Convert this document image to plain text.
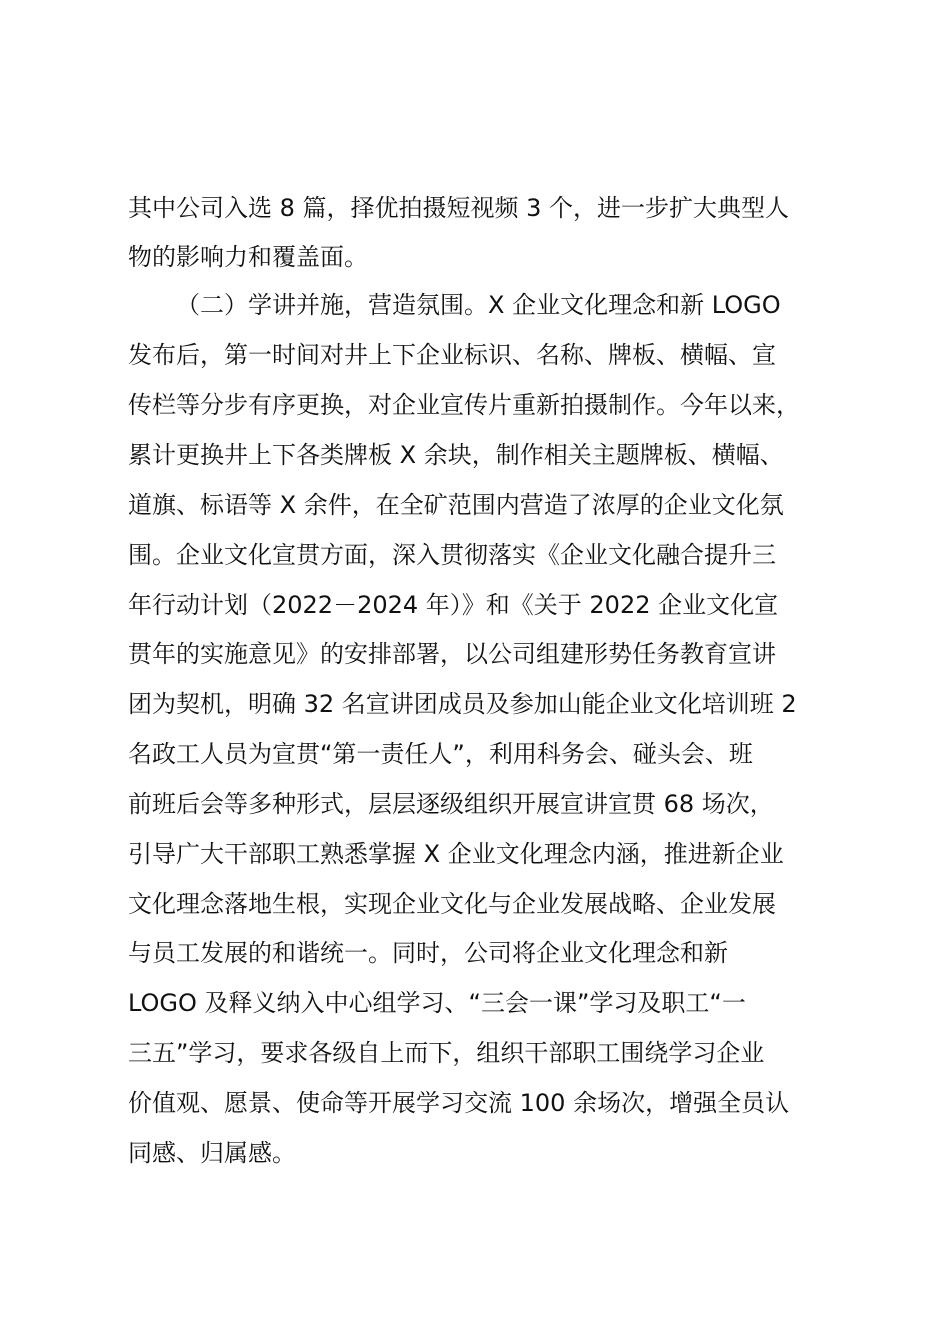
其中公司入选 8 篇，择优拍摄短视频 3 个，进一步扩大典型人

物的影响力和覆盖面。

（二）学讲并施，营造氛围。X 企业文化理念和新 LOGO

发布后，第一时间对井上下企业标识、名称、牌板、横幅、宣

传栏等分步有序更换，对企业宣传片重新拍摄制作。今年以来，

累计更换井上下各类牌板 X 余块，制作相关主题牌板、横幅、

道旗、标语等 X 余件，在全矿范围内营造了浓厚的企业文化氛

围。企业文化宣贯方面，深入贯彻落实《企业文化融合提升三

年行动计划（2022－2024 年）》和《关于 2022 企业文化宣

贯年的实施意见》的安排部署，以公司组建形势任务教育宣讲

团为契机，明确 32 名宣讲团成员及参加山能企业文化培训班 2

名政工人员为宣贯“第一责任人”，利用科务会、碰头会、班

前班后会等多种形式，层层逐级组织开展宣讲宣贯 68 场次，

引导广大干部职工熟悉掌握 X 企业文化理念内涵，推进新企业

文化理念落地生根，实现企业文化与企业发展战略、企业发展

与员工发展的和谐统一。同时，公司将企业文化理念和新

LOGO 及释义纳入中心组学习、“三会一课”学习及职工“一

三五”学习，要求各级自上而下，组织干部职工围绕学习企业

价值观、愿景、使命等开展学习交流 100 余场次，增强全员认

同感、归属感。
